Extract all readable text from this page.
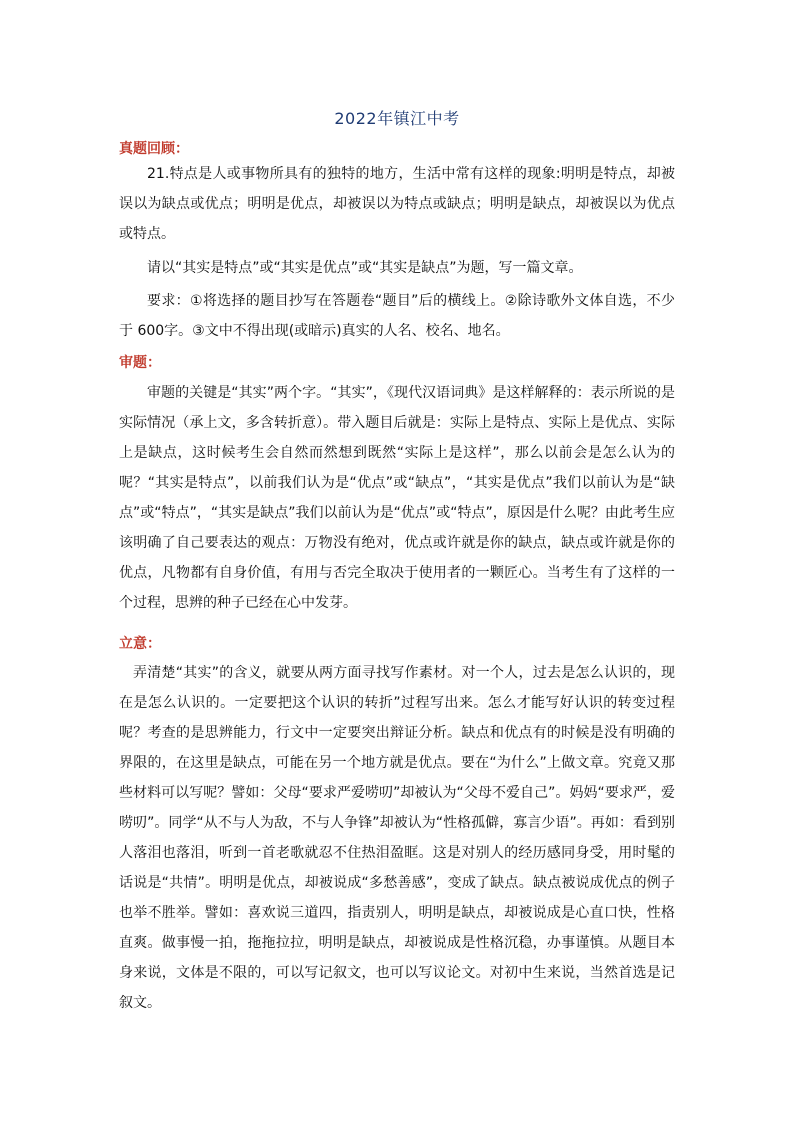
2022年镇江中考
真题回顾：

21.特点是人或事物所具有的独特的地方，生活中常有这样的现象:明明是特点，却被误以为缺点或优点；明明是优点，却被误以为特点或缺点；明明是缺点，却被误以为优点或特点。

请以“其实是特点”或“其实是优点”或“其实是缺点”为题，写一篇文章。

要求：①将选择的题目抄写在答题卷“题目”后的横线上。②除诗歌外文体自选，不少于 600字。③文中不得出现(或暗示)真实的人名、校名、地名。

审题：

审题的关键是“其实”两个字。“其实”，《现代汉语词典》是这样解释的：表示所说的是实际情况（承上文，多含转折意）。带入题目后就是：实际上是特点、实际上是优点、实际上是缺点，这时候考生会自然而然想到既然“实际上是这样”，那么以前会是怎么认为的呢？“其实是特点”，以前我们认为是“优点”或“缺点”，“其实是优点”我们以前认为是“缺点”或“特点”，“其实是缺点”我们以前认为是“优点”或“特点”，原因是什么呢？由此考生应该明确了自己要表达的观点：万物没有绝对，优点或许就是你的缺点，缺点或许就是你的优点，凡物都有自身价值，有用与否完全取决于使用者的一颗匠心。当考生有了这样的一个过程，思辨的种子已经在心中发芽。

立意：

弄清楚“其实”的含义，就要从两方面寻找写作素材。对一个人，过去是怎么认识的，现在是怎么认识的。一定要把这个认识的转折”过程写出来。怎么才能写好认识的转变过程呢？考查的是思辨能力，行文中一定要突出辩证分析。缺点和优点有的时候是没有明确的界限的，在这里是缺点，可能在另一个地方就是优点。要在“为什么”上做文章。究竟又那些材料可以写呢？譬如：父母“要求严爱唠叨”却被认为“父母不爱自己”。妈妈“要求严，爱唠叨”。同学“从不与人为敌，不与人争锋”却被认为“性格孤僻，寡言少语”。再如：看到别人落泪也落泪，听到一首老歌就忍不住热泪盈眶。这是对别人的经历感同身受，用时髦的话说是“共情”。明明是优点，却被说成“多愁善感”，变成了缺点。缺点被说成优点的例子也举不胜举。譬如：喜欢说三道四，指责别人，明明是缺点，却被说成是心直口快，性格直爽。做事慢一拍，拖拖拉拉，明明是缺点，却被说成是性格沉稳，办事谨慎。从题目本身来说，文体是不限的，可以写记叙文，也可以写议论文。对初中生来说，当然首选是记叙文。
